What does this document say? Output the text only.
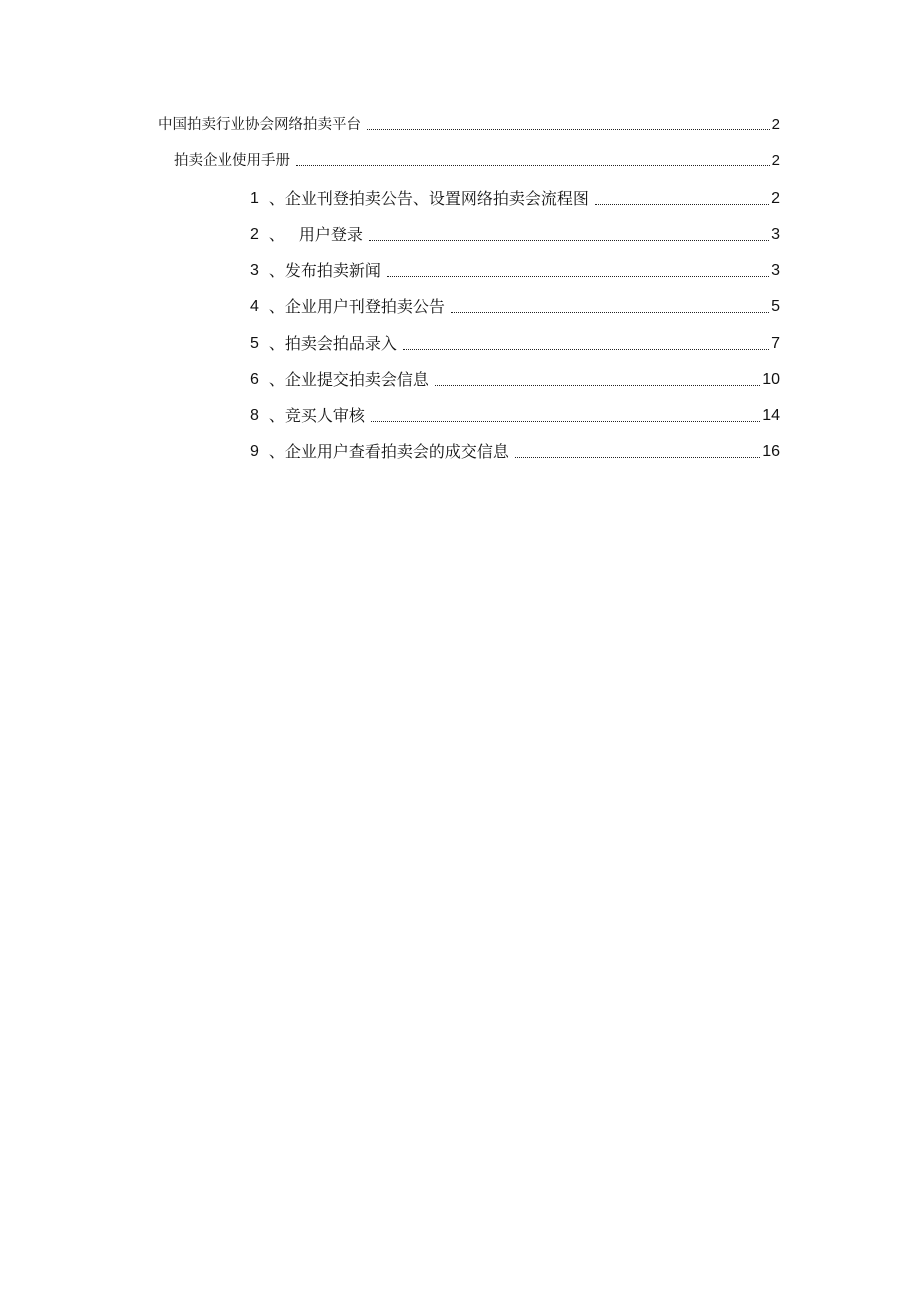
中国拍卖行业协会网络拍卖平台	2
拍卖企业使用手册	2
1 、 企业刊登拍卖公告、设置网络拍卖会流程图	2
2 、 用户登录	3
3 、 发布拍卖新闻	3
4 、 企业用户刊登拍卖公告	5
5 、 拍卖会拍品录入	7
6 、 企业提交拍卖会信息	10
8 、 竞买人审核	14
9 、 企业用户查看拍卖会的成交信息	16
